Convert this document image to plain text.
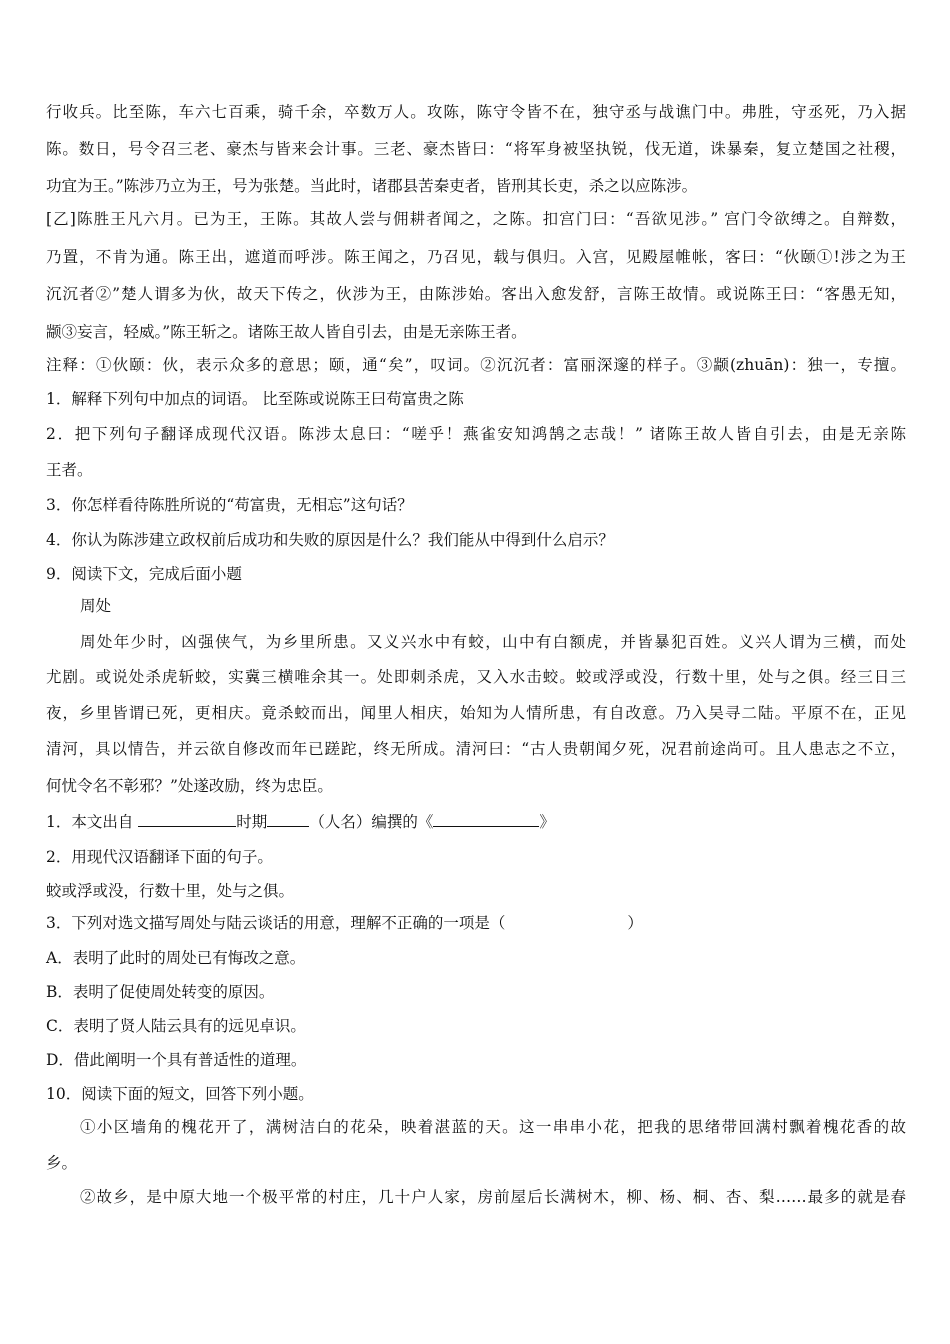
行收兵。比至陈，车六七百乘，骑千余，卒数万人。攻陈，陈守令皆不在，独守丞与战谯门中。弗胜，守丞死，乃入据
陈。数日，号令召三老、豪杰与皆来会计事。三老、豪杰皆曰：“将军身被坚执锐，伐无道，诛暴秦，复立楚国之社稷，
功宜为王。”陈涉乃立为王，号为张楚。当此时，诸郡县苦秦吏者，皆刑其长吏，杀之以应陈涉。
[乙]陈胜王凡六月。已为王，王陈。其故人尝与佣耕者闻之，之陈。扣宫门曰：“吾欲见涉。” 宫门令欲缚之。自辩数，
乃置，不肯为通。陈王出，遮道而呼涉。陈王闻之，乃召见，载与俱归。入宫，见殿屋帷帐，客曰：“伙颐①!涉之为王
沉沉者②”楚人谓多为伙，故天下传之，伙涉为王，由陈涉始。客出入愈发舒，言陈王故情。或说陈王曰：“客愚无知，
颛③妄言，轻威。”陈王斩之。诸陈王故人皆自引去，由是无亲陈王者。
注释：①伙颐：伙，表示众多的意思；颐，通“矣”，叹词。②沉沉者：富丽深邃的样子。③颛(zhuān)：独一，专擅。
1．解释下列句中加点的词语。 比至陈或说陈王曰苟富贵之陈
2．把下列句子翻译成现代汉语。陈涉太息曰：“嗟乎！燕雀安知鸿鹄之志哉！” 诸陈王故人皆自引去，由是无亲陈
王者。
3．你怎样看待陈胜所说的“苟富贵，无相忘”这句话？
4．你认为陈涉建立政权前后成功和失败的原因是什么？我们能从中得到什么启示？
9．阅读下文，完成后面小题
周处
周处年少时，凶强侠气，为乡里所患。又义兴水中有蛟，山中有白额虎，并皆暴犯百姓。义兴人谓为三横，而处
尤剧。或说处杀虎斩蛟，实冀三横唯余其一。处即刺杀虎，又入水击蛟。蛟或浮或没，行数十里，处与之俱。经三日三
夜，乡里皆谓已死，更相庆。竟杀蛟而出，闻里人相庆，始知为人情所患，有自改意。乃入吴寻二陆。平原不在，正见
清河，具以情告，并云欲自修改而年已蹉跎，终无所成。清河曰：“古人贵朝闻夕死，况君前途尚可。且人患志之不立，
何忧令名不彰邪？”处遂改励，终为忠臣。
1．本文出自	时期	（人名）编撰的《	》
2．用现代汉语翻译下面的句子。
蛟或浮或没，行数十里，处与之俱。
3．下列对选文描写周处与陆云谈话的用意，理解不正确的一项是（	）
A．表明了此时的周处已有悔改之意。
B．表明了促使周处转变的原因。
C．表明了贤人陆云具有的远见卓识。
D．借此阐明一个具有普适性的道理。
10．阅读下面的短文，回答下列小题。
①小区墙角的槐花开了，满树洁白的花朵，映着湛蓝的天。这一串串小花，把我的思绪带回满村飘着槐花香的故
乡。
②故乡，是中原大地一个极平常的村庄，几十户人家，房前屋后长满树木，柳、杨、桐、杏、梨……最多的就是春
